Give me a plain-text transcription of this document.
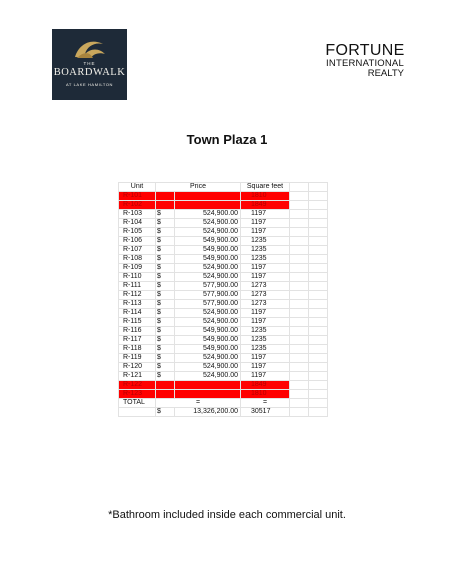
THE
BOARDWALK
AT LAKE HAMILTON
FORTUNE
INTERNATIONAL
REALTY
Town Plaza 1
Unit	Price		Square feet		
R-101			1810		
R-102			1849		
R-103	$	524,900.00	1197		
R-104	$	524,900.00	1197		
R-105	$	524,900.00	1197		
R-106	$	549,900.00	1235		
R-107	$	549,900.00	1235		
R-108	$	549,900.00	1235		
R-109	$	524,900.00	1197		
R-110	$	524,900.00	1197		
R-111	$	577,900.00	1273		
R-112	$	577,900.00	1273		
R-113	$	577,900.00	1273		
R-114	$	524,900.00	1197		
R-115	$	524,900.00	1197		
R-116	$	549,900.00	1235		
R-117	$	549,900.00	1235		
R-118	$	549,900.00	1235		
R-119	$	524,900.00	1197		
R-120	$	524,900.00	1197		
R-121	$	524,900.00	1197		
R-122			1849		
R-123			1810		
TOTAL	=		=		
	$	13,326,200.00	30517		
*Bathroom included inside each commercial unit.
